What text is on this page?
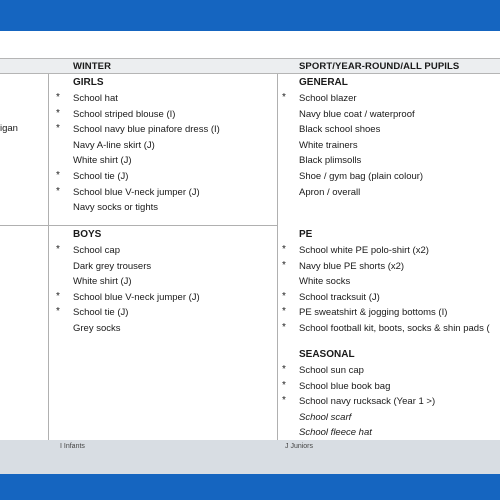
WINTER	SPORT/YEAR-ROUND/ALL PUPILS
igan
GIRLS
* School hat
* School striped blouse (I)
* School navy blue pinafore dress (I)
Navy A-line skirt (J)
White shirt (J)
* School tie (J)
* School blue V-neck jumper (J)
Navy socks or tights
BOYS
* School cap
Dark grey trousers
White shirt (J)
* School blue V-neck jumper (J)
* School tie (J)
Grey socks
GENERAL
* School blazer
Navy blue coat / waterproof
Black school shoes
White trainers
Black plimsolls
Shoe / gym bag (plain colour)
Apron / overall
PE
* School white PE polo-shirt (x2)
* Navy blue PE shorts (x2)
White socks
* School tracksuit (J)
* PE sweatshirt & jogging bottoms (I)
* School football kit, boots, socks & shin pads (
SEASONAL
* School sun cap
* School blue book bag
* School navy rucksack (Year 1 >)
School scarf
School fleece hat
I Infants	J Juniors
